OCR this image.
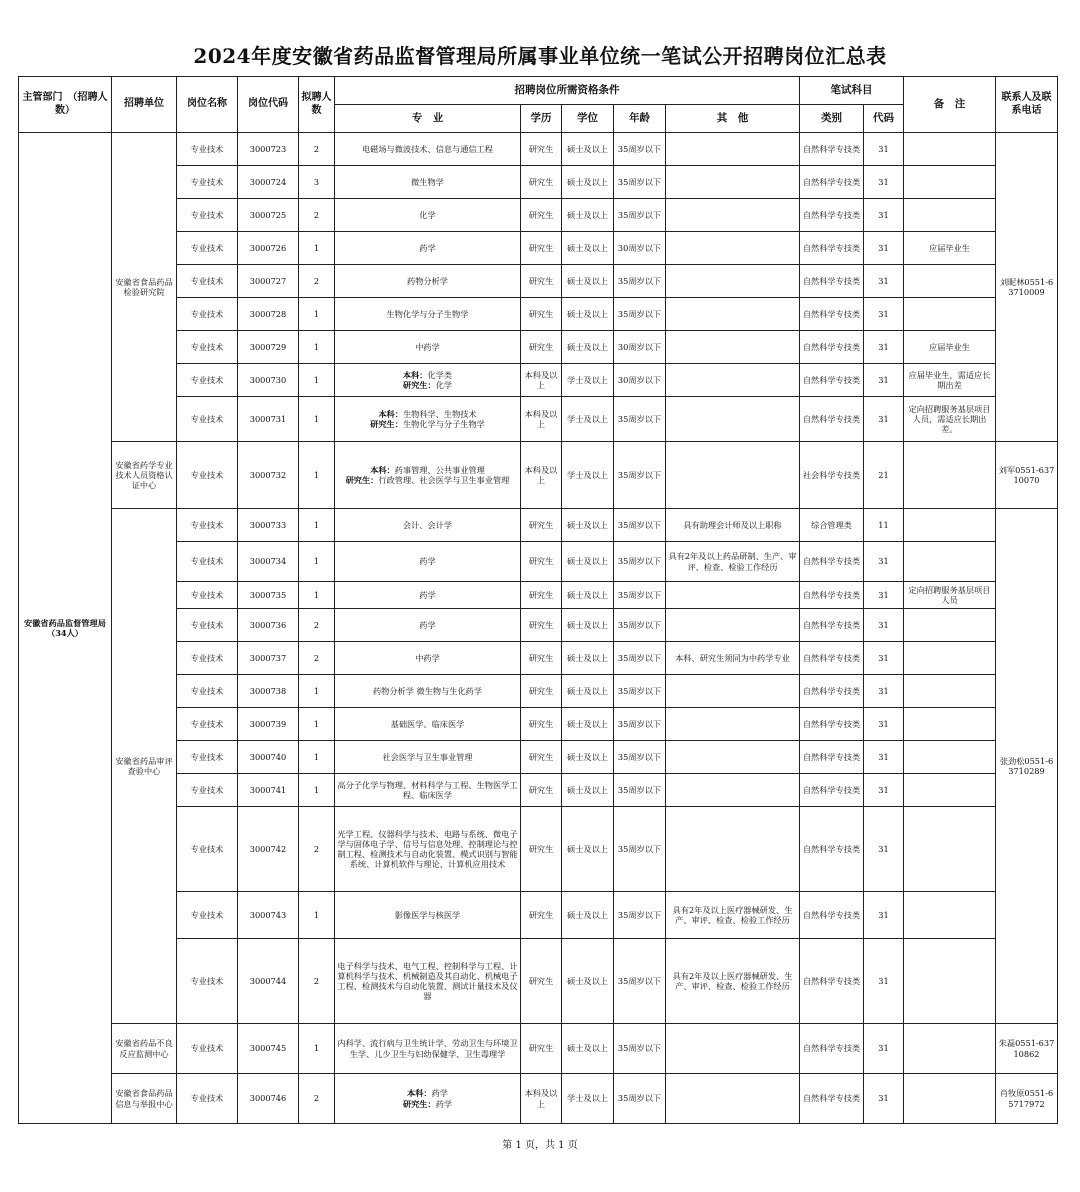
2024年度安徽省药品监督管理局所属事业单位统一笔试公开招聘岗位汇总表
主管部门　（招聘人数）	招聘单位	岗位名称	岗位代码	拟聘人数	招聘岗位所需资格条件					笔试科目		备　注	联系人及联系电话
					专　业	学历	学位	年龄	其　他	类别	代码		
安徽省药品监督管理局（34人）	安徽省食品药品检验研究院	专业技术	3000723	2	电磁场与微波技术、信息与通信工程	研究生	硕士及以上	35周岁以下		自然科学专技类	31		刘昵林0551-63710009
		专业技术	3000724	3	微生物学	研究生	硕士及以上	35周岁以下		自然科学专技类	31		
		专业技术	3000725	2	化学	研究生	硕士及以上	35周岁以下		自然科学专技类	31		
		专业技术	3000726	1	药学	研究生	硕士及以上	30周岁以下		自然科学专技类	31	应届毕业生	
		专业技术	3000727	2	药物分析学	研究生	硕士及以上	35周岁以下		自然科学专技类	31		
		专业技术	3000728	1	生物化学与分子生物学	研究生	硕士及以上	35周岁以下		自然科学专技类	31		
		专业技术	3000729	1	中药学	研究生	硕士及以上	30周岁以下		自然科学专技类	31	应届毕业生	
		专业技术	3000730	1	本科：化学类
研究生：化学	本科及以上	学士及以上	30周岁以下		自然科学专技类	31	应届毕业生，需适应长期出差	
		专业技术	3000731	1	本科：生物科学、生物技术
研究生：生物化学与分子生物学	本科及以上	学士及以上	35周岁以下		自然科学专技类	31	定向招聘服务基层项目人员，需适应长期出差。	
	安徽省药学专业技术人员资格认证中心	专业技术	3000732	1	本科：药事管理、公共事业管理
研究生：行政管理、社会医学与卫生事业管理	本科及以上	学士及以上	35周岁以下		社会科学专技类	21		刘军0551-63710070
	安徽省药品审评查验中心	专业技术	3000733	1	会计、会计学	研究生	硕士及以上	35周岁以下	具有助理会计师及以上职称	综合管理类	11		张劲松0551-63710289
		专业技术	3000734	1	药学	研究生	硕士及以上	35周岁以下	具有2年及以上药品研制、生产、审评、检查、检验工作经历	自然科学专技类	31		
		专业技术	3000735	1	药学	研究生	硕士及以上	35周岁以下		自然科学专技类	31	定向招聘服务基层项目人员	
		专业技术	3000736	2	药学	研究生	硕士及以上	35周岁以下		自然科学专技类	31		
		专业技术	3000737	2	中药学	研究生	硕士及以上	35周岁以下	本科、研究生须同为中药学专业	自然科学专技类	31		
		专业技术	3000738	1	药物分析学 微生物与生化药学	研究生	硕士及以上	35周岁以下		自然科学专技类	31		
		专业技术	3000739	1	基础医学、临床医学	研究生	硕士及以上	35周岁以下		自然科学专技类	31		
		专业技术	3000740	1	社会医学与卫生事业管理	研究生	硕士及以上	35周岁以下		自然科学专技类	31		
		专业技术	3000741	1	高分子化学与物理、材料科学与工程、生物医学工程、临床医学	研究生	硕士及以上	35周岁以下		自然科学专技类	31		
		专业技术	3000742	2	光学工程、仪器科学与技术、电路与系统、微电子学与固体电子学、信号与信息处理、控制理论与控制工程、检测技术与自动化装置、模式识别与智能系统、计算机软件与理论、计算机应用技术	研究生	硕士及以上	35周岁以下		自然科学专技类	31		
		专业技术	3000743	1	影像医学与核医学	研究生	硕士及以上	35周岁以下	具有2年及以上医疗器械研发、生产、审评、检查、检验工作经历	自然科学专技类	31		
		专业技术	3000744	2	电子科学与技术、电气工程、控制科学与工程、计算机科学与技术、机械制造及其自动化、机械电子工程、检测技术与自动化装置、测试计量技术及仪器	研究生	硕士及以上	35周岁以下	具有2年及以上医疗器械研发、生产、审评、检查、检验工作经历	自然科学专技类	31		
	安徽省药品不良反应监测中心	专业技术	3000745	1	内科学、流行病与卫生统计学、劳动卫生与环境卫生学、儿少卫生与妇幼保健学、卫生毒理学	研究生	硕士及以上	35周岁以下		自然科学专技类	31		朱磊0551-63710862
	安徽省食品药品信息与举报中心	专业技术	3000746	2	本科：药学
研究生：药学	本科及以上	学士及以上	35周岁以下		自然科学专技类	31		肖牧原0551-65717972
第 1 页，共 1 页
